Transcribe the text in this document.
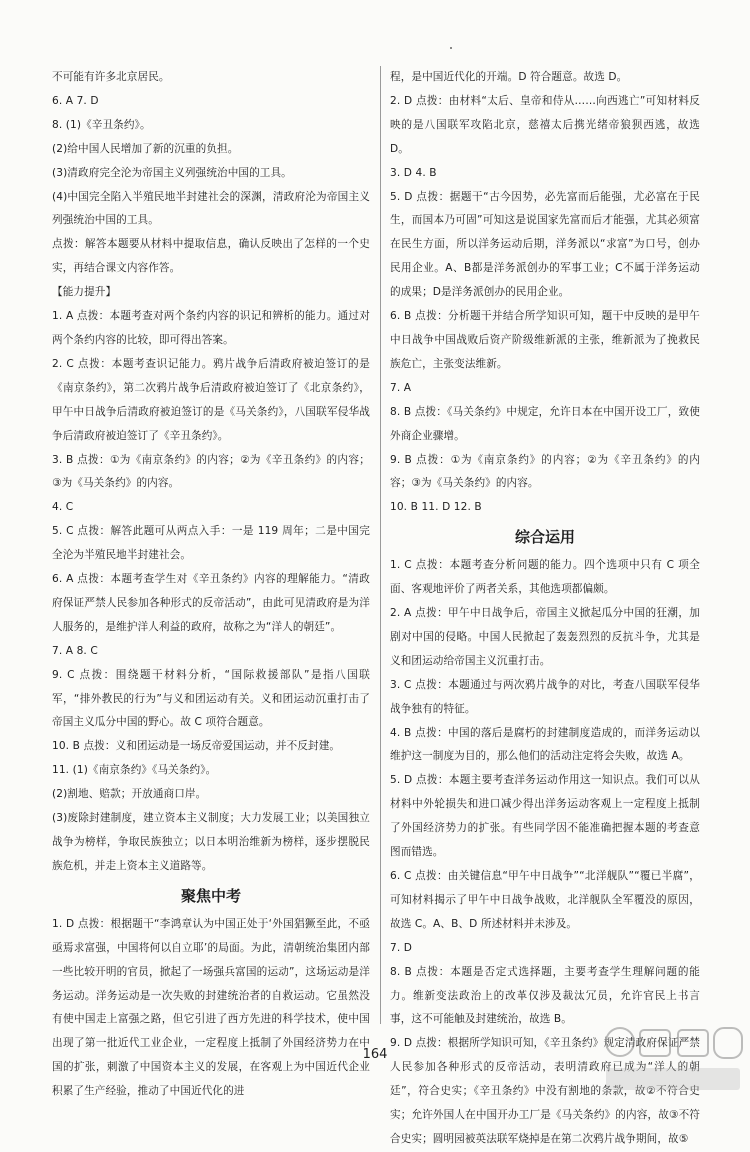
不可能有许多北京居民。

6. A 7. D

8. (1)《辛丑条约》。

(2)给中国人民增加了新的沉重的负担。

(3)清政府完全沦为帝国主义列强统治中国的工具。

(4)中国完全陷入半殖民地半封建社会的深渊，清政府沦为帝国主义列强统治中国的工具。

点拨：解答本题要从材料中提取信息，确认反映出了怎样的一个史实，再结合课文内容作答。

【能力提升】

1. A 点拨：本题考查对两个条约内容的识记和辨析的能力。通过对两个条约内容的比较，即可得出答案。

2. C 点拨：本题考查识记能力。鸦片战争后清政府被迫签订的是《南京条约》，第二次鸦片战争后清政府被迫签订了《北京条约》，甲午中日战争后清政府被迫签订的是《马关条约》，八国联军侵华战争后清政府被迫签订了《辛丑条约》。

3. B 点拨：①为《南京条约》的内容；②为《辛丑条约》的内容；③为《马关条约》的内容。

4. C

5. C 点拨：解答此题可从两点入手：一是 119 周年；二是中国完全沦为半殖民地半封建社会。

6. A 点拨：本题考查学生对《辛丑条约》内容的理解能力。“清政府保证严禁人民参加各种形式的反帝活动”，由此可见清政府是为洋人服务的，是维护洋人利益的政府，故称之为“洋人的朝廷”。

7. A 8. C

9. C 点拨：围绕题干材料分析，“国际救援部队”是指八国联军，“排外教民的行为”与义和团运动有关。义和团运动沉重打击了帝国主义瓜分中国的野心。故 C 项符合题意。

10. B 点拨：义和团运动是一场反帝爱国运动，并不反封建。

11. (1)《南京条约》《马关条约》。

(2)割地、赔款；开放通商口岸。

(3)废除封建制度，建立资本主义制度；大力发展工业；以美国独立战争为榜样，争取民族独立；以日本明治维新为榜样，逐步摆脱民族危机，并走上资本主义道路等。

聚焦中考

1. D 点拨：根据题干“李鸿章认为中国正处于‘外国猖獗至此，不亟亟焉求富强，中国将何以自立耶’的局面。为此，清朝统治集团内部一些比较开明的官员，掀起了一场强兵富国的运动”，这场运动是洋务运动。洋务运动是一次失败的封建统治者的自救运动。它虽然没有使中国走上富强之路，但它引进了西方先进的科学技术，使中国出现了第一批近代工业企业，一定程度上抵制了外国经济势力在中国的扩张，刺激了中国资本主义的发展，在客观上为中国近代企业积累了生产经验，推动了中国近代化的进

程，是中国近代化的开端。D 符合题意。故选 D。

2. D 点拨：由材料“太后、皇帝和侍从……向西逃亡”可知材料反映的是八国联军攻陷北京，慈禧太后携光绪帝狼狈西逃，故选 D。

3. D 4. B

5. D 点拨：据题干“古今因势，必先富而后能强，尤必富在于民生，而国本乃可固”可知这是说国家先富而后才能强，尤其必须富在民生方面，所以洋务运动后期，洋务派以“求富”为口号，创办民用企业。A、B都是洋务派创办的军事工业；C不属于洋务运动的成果；D是洋务派创办的民用企业。

6. B 点拨：分析题干并结合所学知识可知，题干中反映的是甲午中日战争中国战败后资产阶级维新派的主张，维新派为了挽救民族危亡，主张变法维新。

7. A

8. B 点拨：《马关条约》中规定，允许日本在中国开设工厂，致使外商企业骤增。

9. B 点拨：①为《南京条约》的内容；②为《辛丑条约》的内容；③为《马关条约》的内容。

10. B 11. D 12. B

综合运用

1. C 点拨：本题考查分析问题的能力。四个选项中只有 C 项全面、客观地评价了两者关系，其他选项都偏颇。

2. A 点拨：甲午中日战争后，帝国主义掀起瓜分中国的狂潮，加剧对中国的侵略。中国人民掀起了轰轰烈烈的反抗斗争，尤其是义和团运动给帝国主义沉重打击。

3. C 点拨：本题通过与两次鸦片战争的对比，考查八国联军侵华战争独有的特征。

4. B 点拨：中国的落后是腐朽的封建制度造成的，而洋务运动以维护这一制度为目的，那么他们的活动注定将会失败，故选 A。

5. D 点拨：本题主要考查洋务运动作用这一知识点。我们可以从材料中外轮损失和进口减少得出洋务运动客观上一定程度上抵制了外国经济势力的扩张。有些同学因不能准确把握本题的考查意图而错选。

6. C 点拨：由关键信息“甲午中日战争”“北洋舰队”“覆已半腐”，可知材料揭示了甲午中日战争战败，北洋舰队全军覆没的原因，故选 C。A、B、D 所述材料并未涉及。

7. D

8. B 点拨：本题是否定式选择题，主要考查学生理解问题的能力。维新变法政治上的改革仅涉及裁汰冗员，允许官民上书言事，这不可能触及封建统治，故选 B。

9. D 点拨：根据所学知识可知，《辛丑条约》规定清政府保证严禁人民参加各种形式的反帝活动，表明清政府已成为“洋人的朝廷”，符合史实；《辛丑条约》中没有割地的条款，故②不符合史实；允许外国人在中国开办工厂是《马关条约》的内容，故③不符合史实；圆明园被英法联军烧掉是在第二次鸦片战争期间，故⑤

164
